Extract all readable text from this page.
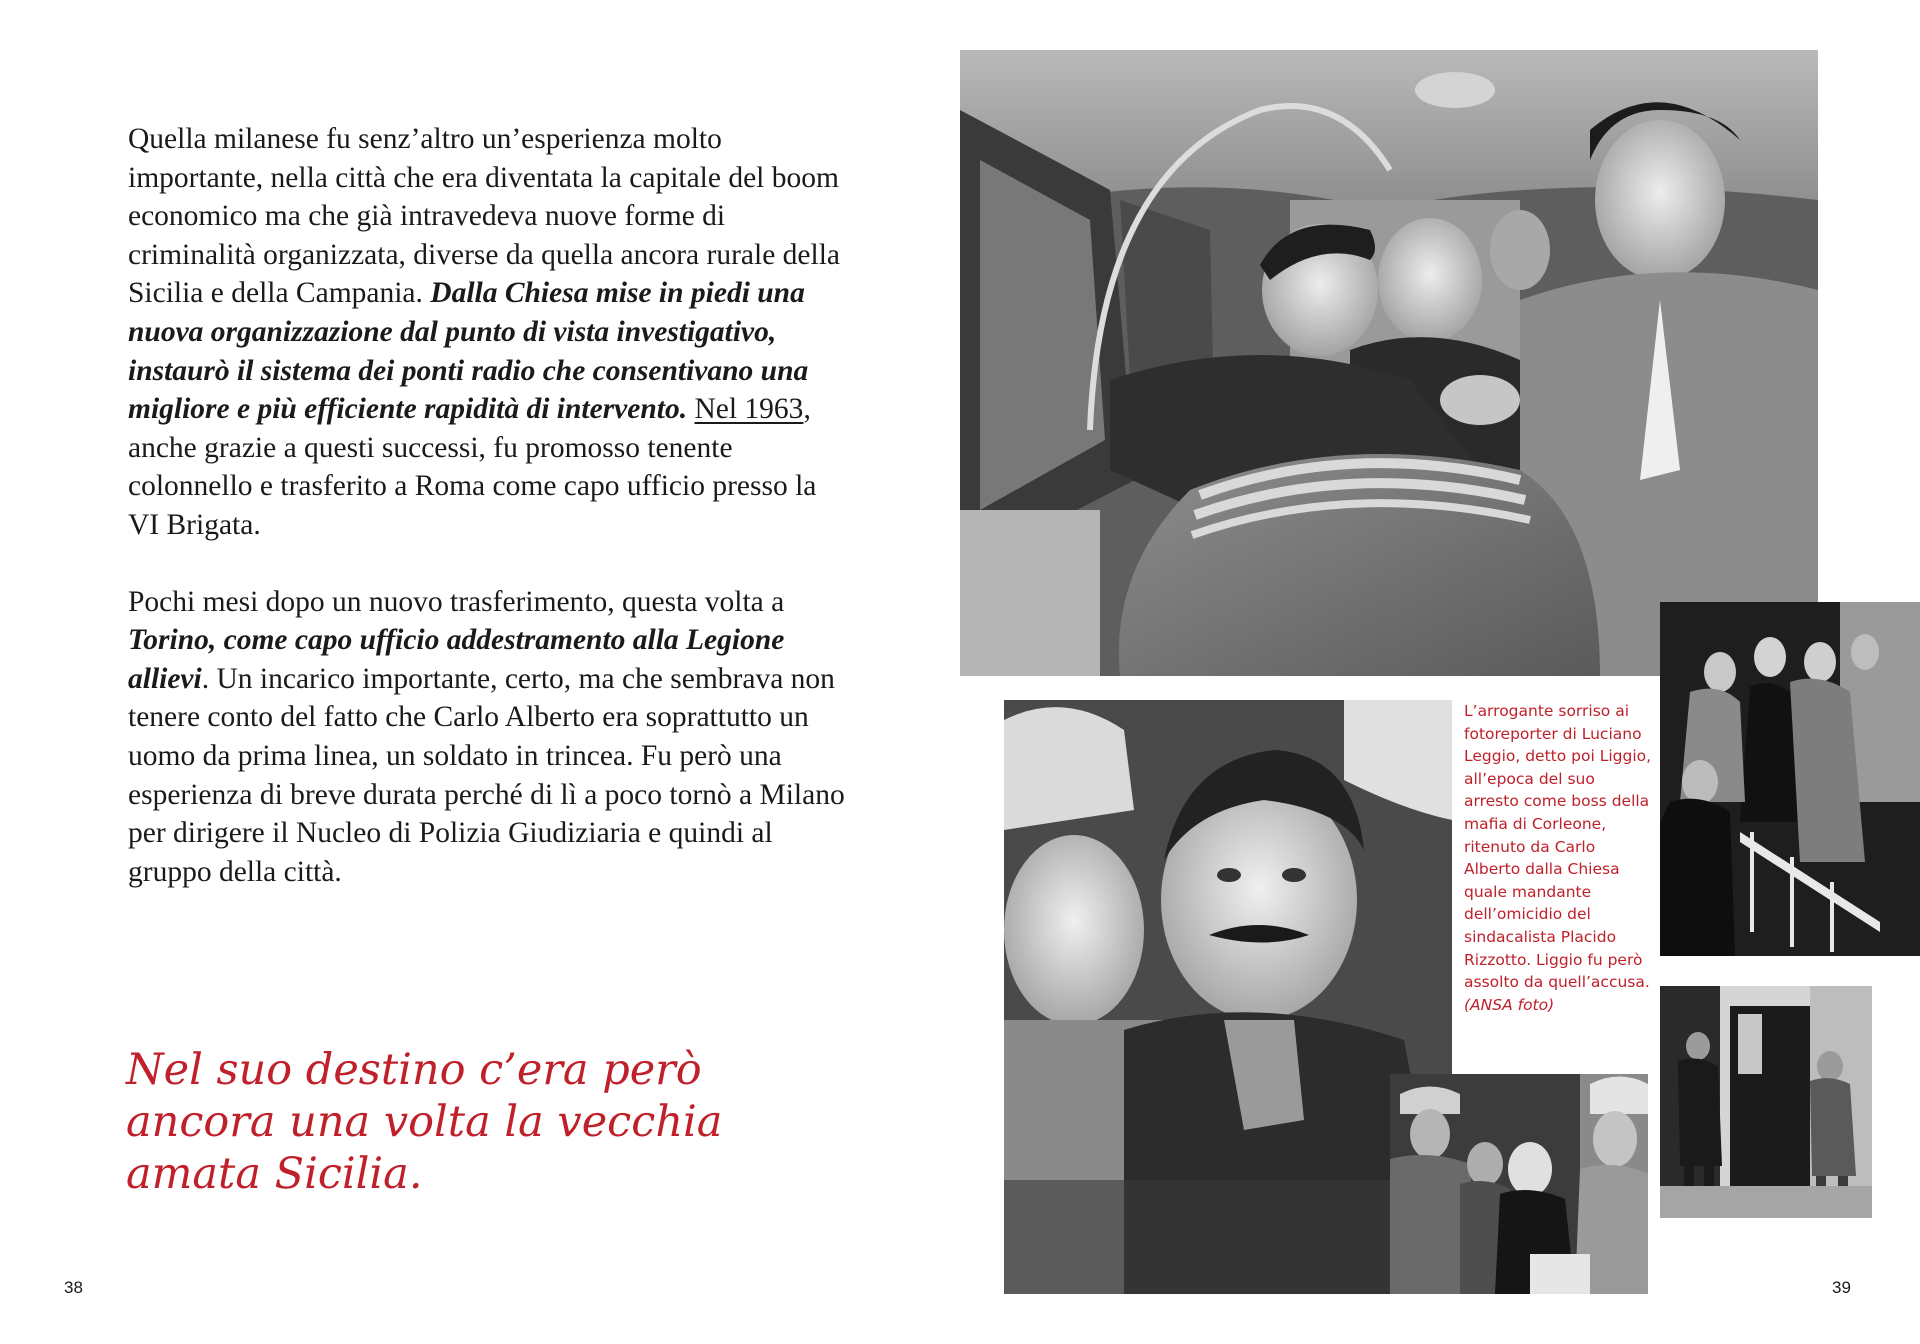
Quella milanese fu senz’altro un’esperienza molto importante, nella città che era diventata la capitale del boom economico ma che già intravedeva nuove forme di criminalità organizzata, diverse da quella ancora rurale della Sicilia e della Campania. Dalla Chiesa mise in piedi una nuova organizzazione dal punto di vista investigativo, instaurò il sistema dei ponti radio che consentivano una migliore e più efficiente rapidità di intervento. Nel 1963, anche grazie a questi successi, fu promosso tenente colonnello e trasferito a Roma come capo ufficio presso la VI Brigata.

Pochi mesi dopo un nuovo trasferimento, questa volta a Torino, come capo ufficio addestramento alla Legione allievi. Un incarico importante, certo, ma che sembrava non tenere conto del fatto che Carlo Alberto era soprattutto un uomo da prima linea, un soldato in trincea. Fu però una esperienza di breve durata perché di lì a poco tornò a Milano per dirigere il Nucleo di Polizia Giudiziaria e quindi al gruppo della città.

Nel suo destino c’era però ancora una volta la vecchia amata Sicilia.

38	39

L’arrogante sorriso ai fotoreporter di Luciano Leggio, detto poi Liggio, all’epoca del suo arresto come boss della mafia di Corleone, ritenuto da Carlo Alberto dalla Chiesa quale mandante dell’omicidio del sindacalista Placido Rizzotto. Liggio fu però assolto da quell’accusa.
(ANSA foto)
